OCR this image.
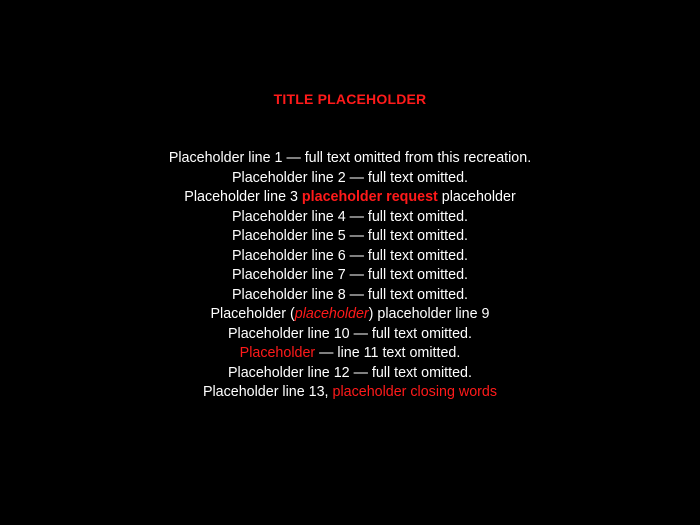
TITLE PLACEHOLDER
Placeholder line 1 — full text omitted from this recreation.
Placeholder line 2 — full text omitted.
Placeholder line 3 placeholder request placeholder
Placeholder line 4 — full text omitted.
Placeholder line 5 — full text omitted.
Placeholder line 6 — full text omitted.
Placeholder line 7 — full text omitted.
Placeholder line 8 — full text omitted.
Placeholder (placeholder) placeholder line 9
Placeholder line 10 — full text omitted.
Placeholder — line 11 text omitted.
Placeholder line 12 — full text omitted.
Placeholder line 13, placeholder closing words
